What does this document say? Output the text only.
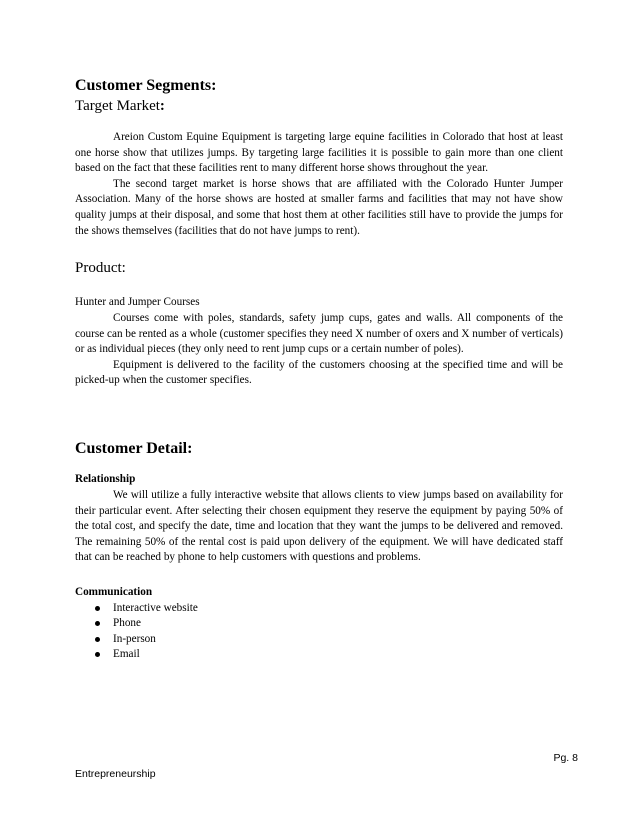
Customer Segments:
Target Market:

Areion Custom Equine Equipment is targeting large equine facilities in Colorado that host at least one horse show that utilizes jumps. By targeting large facilities it is possible to gain more than one client based on the fact that these facilities rent to many different horse shows throughout the year.

The second target market is horse shows that are affiliated with the Colorado Hunter Jumper Association. Many of the horse shows are hosted at smaller farms and facilities that may not have show quality jumps at their disposal, and some that host them at other facilities still have to provide the jumps for the shows themselves (facilities that do not have jumps to rent).

Product:
Hunter and Jumper Courses

Courses come with poles, standards, safety jump cups, gates and walls. All components of the course can be rented as a whole (customer specifies they need X number of oxers and X number of verticals) or as individual pieces (they only need to rent jump cups or a certain number of poles).

Equipment is delivered to the facility of the customers choosing at the specified time and will be picked-up when the customer specifies.

Customer Detail:
Relationship

We will utilize a fully interactive website that allows clients to view jumps based on availability for their particular event. After selecting their chosen equipment they reserve the equipment by paying 50% of the total cost, and specify the date, time and location that they want the jumps to be delivered and removed. The remaining 50% of the rental cost is paid upon delivery of the equipment. We will have dedicated staff that can be reached by phone to help customers with questions and problems.

Communication
Interactive website
Phone
In-person
Email
Pg. 8
Entrepreneurship
